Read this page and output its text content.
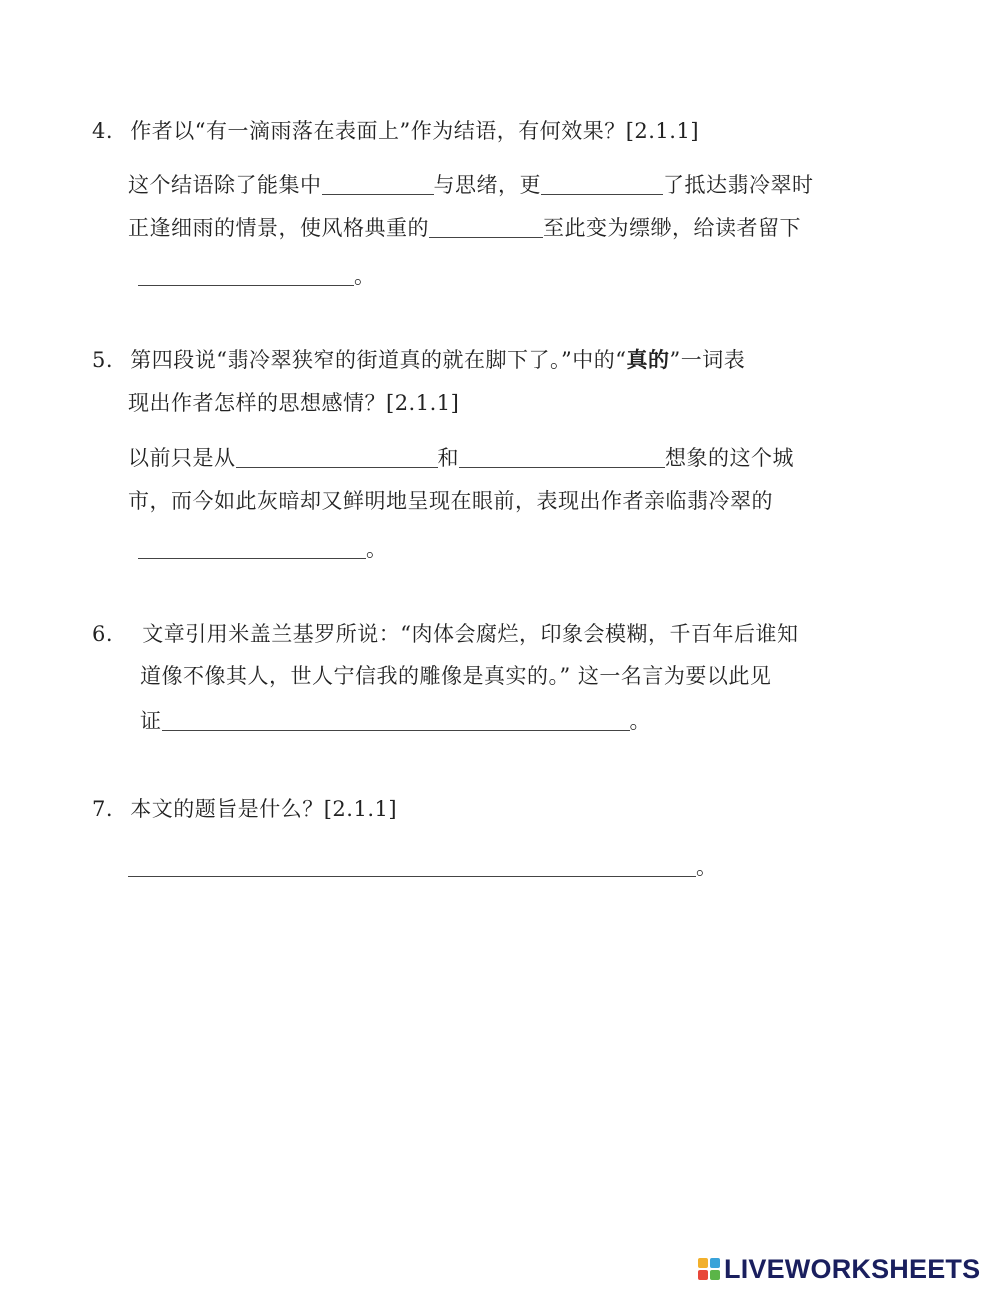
4. 作者以“有一滴雨落在表面上”作为结语，有何效果？[2.1.1]
这个结语除了能集中	与思绪，更	了抵达翡冷翠时
正逢细雨的情景，使风格典重的	至此变为缥缈，给读者留下
。
5. 第四段说“翡冷翠狭窄的街道真的就在脚下了。”中的“真的”一词表
现出作者怎样的思想感情？[2.1.1]
以前只是从	和	想象的这个城
市，而今如此灰暗却又鲜明地呈现在眼前，表现出作者亲临翡冷翠的
。
6. 文章引用米盖兰基罗所说：“肉体会腐烂，印象会模糊，千百年后谁知
道像不像其人，世人宁信我的雕像是真实的。” 这一名言为要以此见
证	。
7. 本文的题旨是什么？[2.1.1]
。
LIVEWORKSHEETS
